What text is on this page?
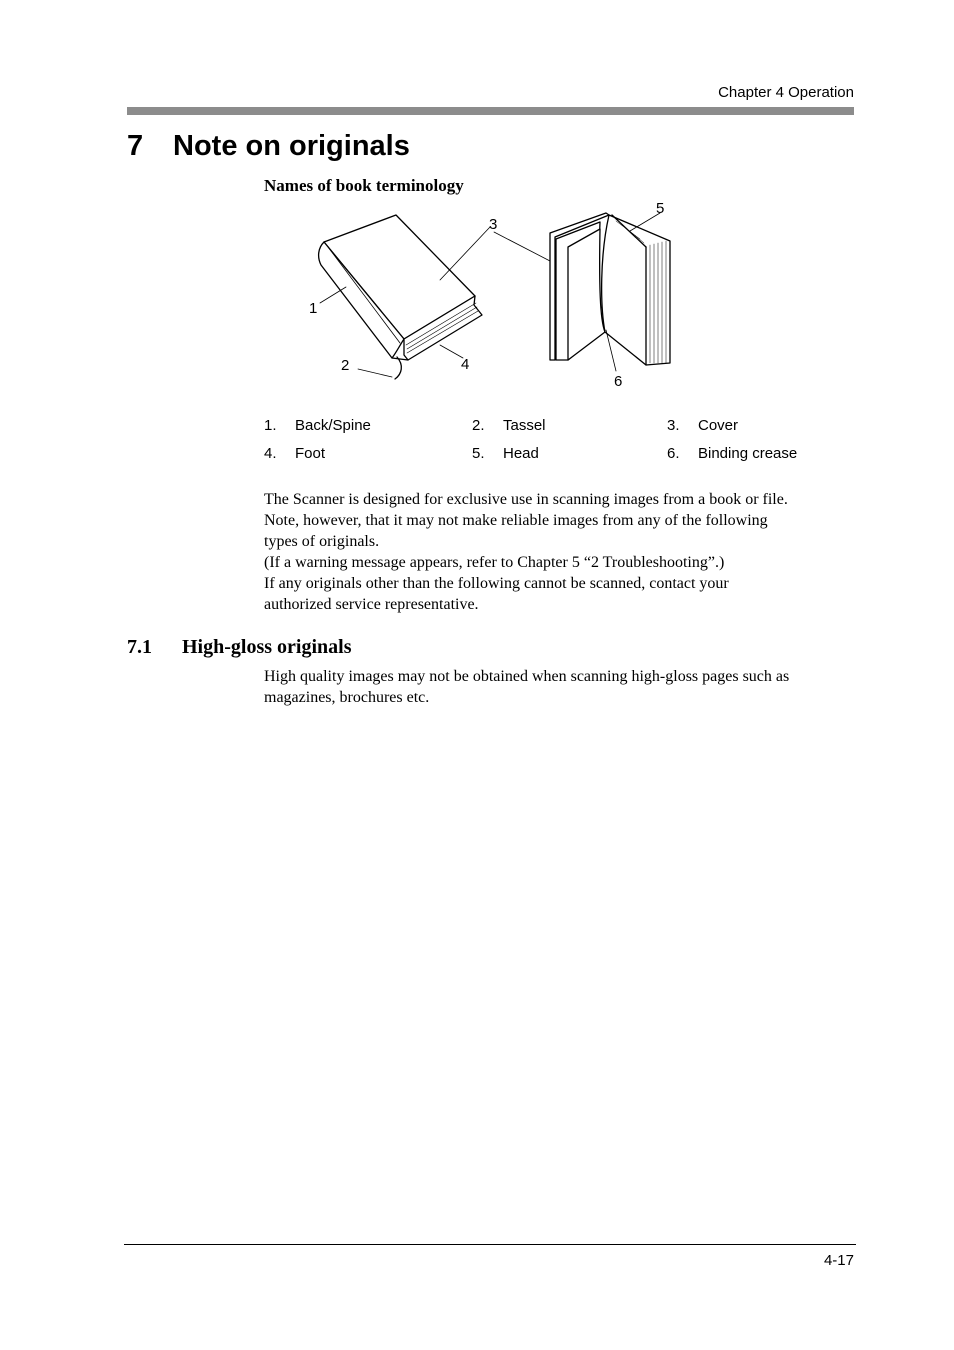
Chapter 4 Operation
7 Note on originals

Names of book terminology

1
2
3
4
5
6
1.	Back/Spine	2.	Tassel	3.	Cover
4.	Foot	5.	Head	6.	Binding crease

The Scanner is designed for exclusive use in scanning images from a book or file.

Note, however, that it may not make reliable images from any of the following

types of originals.

(If a warning message appears, refer to Chapter 5 “2 Troubleshooting”.)

If any originals other than the following cannot be scanned, contact your

authorized service representative.

7.1 High-gloss originals

High quality images may not be obtained when scanning high-gloss pages such as magazines, brochures etc.

4-17
